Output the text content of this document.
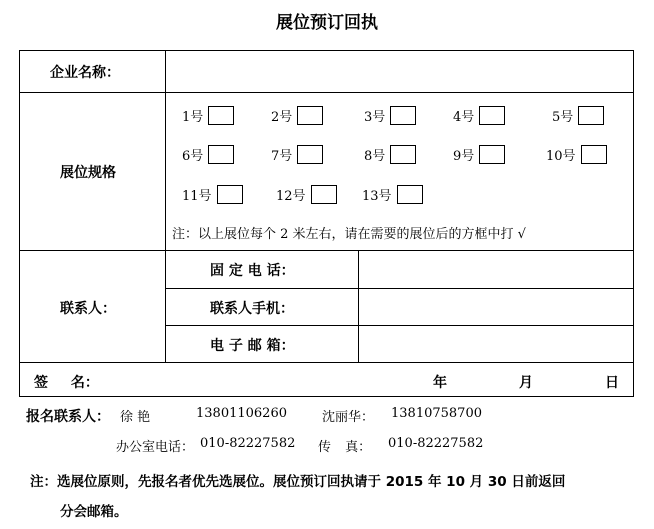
展位预订回执
企业名称：
展位规格
联系人：
固 定 电 话：
联系人手机：
电 子 邮 箱：
1号	2号	3号	4号	5号
6号	7号	8号	9号	10号
11号	12号	13号
注：以上展位每个 2 米左右，请在需要的展位后的方框中打 √
签 名：	年	月	日
报名联系人： 徐 艳	13801106260	沈丽华： 13810758700
办公室电话： 010-82227582 传 真： 010-82227582
注：选展位原则，先报名者优先选展位。展位预订回执请于 2015 年 10 月 30 日前返回
分会邮箱。
